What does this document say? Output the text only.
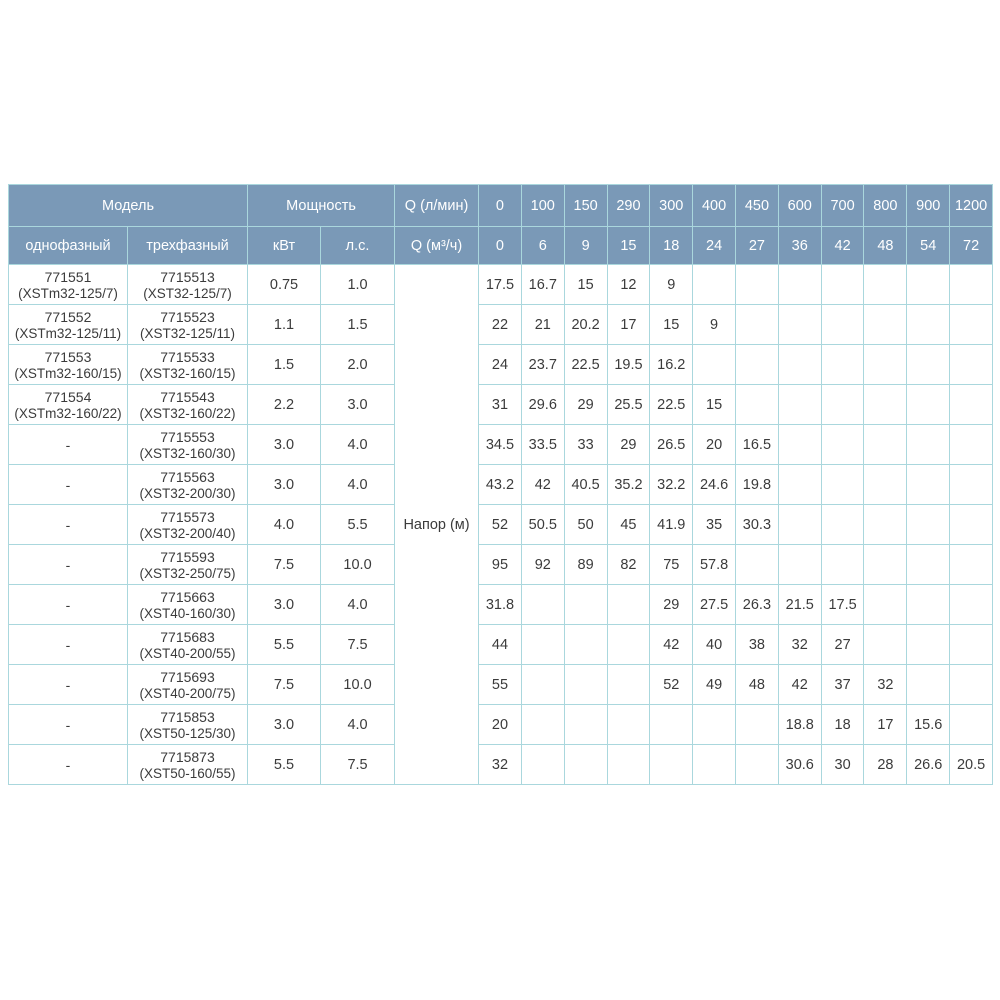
Модель		Мощность		Q (л/мин)	0	100	150	290	300	400	450	600	700	800	900	1200
однофазный	трехфазный	кВт	л.с.	Q (м³/ч)	0	6	9	15	18	24	27	36	42	48	54	72

771551
(XSTm32-125/7)	7715513
(XST32-125/7)	0.75	1.0	Напор (м)	17.5	16.7	15	12	9							

771552
(XSTm32-125/11)	7715523
(XST32-125/11)	1.1	1.5		22	21	20.2	17	15	9						

771553
(XSTm32-160/15)	7715533
(XST32-160/15)	1.5	2.0		24	23.7	22.5	19.5	16.2							

771554
(XSTm32-160/22)	7715543
(XST32-160/22)	2.2	3.0		31	29.6	29	25.5	22.5	15						

-	7715553
(XST32-160/30)	3.0	4.0		34.5	33.5	33	29	26.5	20	16.5					

-	7715563
(XST32-200/30)	3.0	4.0		43.2	42	40.5	35.2	32.2	24.6	19.8					

-	7715573
(XST32-200/40)	4.0	5.5		52	50.5	50	45	41.9	35	30.3					

-	7715593
(XST32-250/75)	7.5	10.0		95	92	89	82	75	57.8						

-	7715663
(XST40-160/30)	3.0	4.0		31.8				29	27.5	26.3	21.5	17.5			

-	7715683
(XST40-200/55)	5.5	7.5		44				42	40	38	32	27			

-	7715693
(XST40-200/75)	7.5	10.0		55				52	49	48	42	37	32		

-	7715853
(XST50-125/30)	3.0	4.0		20							18.8	18	17	15.6	

-	7715873
(XST50-160/55)	5.5	7.5		32							30.6	30	28	26.6	20.5
